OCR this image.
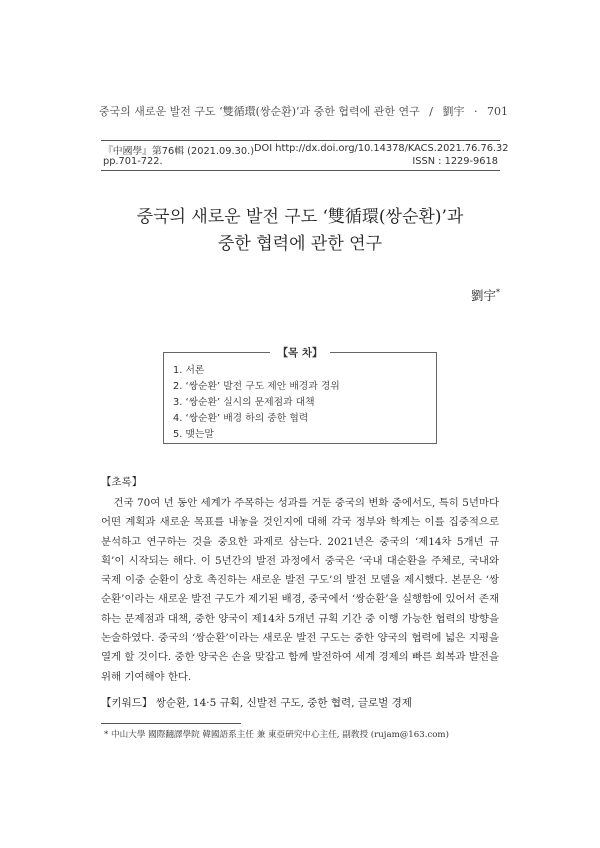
중국의 새로운 발전 구도 ‘雙循環(쌍순환)’과 중한 협력에 관한 연구 / 劉宇 · 701
『中國學』第76輯 (2021.09.30.) DOI http://dx.doi.org/10.14378/KACS.2021.76.76.32
pp.701-722.	ISSN : 1229-9618
중국의 새로운 발전 구도 ‘雙循環(쌍순환)’과
중한 협력에 관한 연구
劉宇*
【목 차】
1. 서론
2. ‘쌍순환’ 발전 구도 제안 배경과 경위
3. ‘쌍순환’ 실시의 문제점과 대책
4. ‘쌍순환’ 배경 하의 중한 협력
5. 맺는말
【초록】

건국 70여 년 동안 세계가 주목하는 성과를 거둔 중국의 변화 중에서도, 특히 5년마다 어떤 계획과 새로운 목표를 내놓을 것인지에 대해 각국 정부와 학계는 이를 집중적으로 분석하고 연구하는 것을 중요한 과제로 삼는다. 2021년은 중국의 ‘제14차 5개년 규획’이 시작되는 해다. 이 5년간의 발전 과정에서 중국은 ‘국내 대순환을 주체로, 국내와 국제 이중 순환이 상호 촉진하는 새로운 발전 구도’의 발전 모델을 제시했다. 본문은 ‘쌍순환’이라는 새로운 발전 구도가 제기된 배경, 중국에서 ‘쌍순환’을 실행함에 있어서 존재하는 문제점과 대책, 중한 양국이 제14차 5개년 규획 기간 중 이행 가능한 협력의 방향을 논술하였다. 중국의 ‘쌍순환’이라는 새로운 발전 구도는 중한 양국의 협력에 넓은 지평을 열게 할 것이다. 중한 양국은 손을 맞잡고 함께 발전하여 세계 경제의 빠른 회복과 발전을 위해 기여해야 한다.

【키워드】 쌍순환, 14·5 규획, 신발전 구도, 중한 협력, 글로벌 경제
* 中山大學 國際翻譯學院 韓國語系主任 兼 東亞硏究中心主任, 副敎授 (rujam@163.com)
